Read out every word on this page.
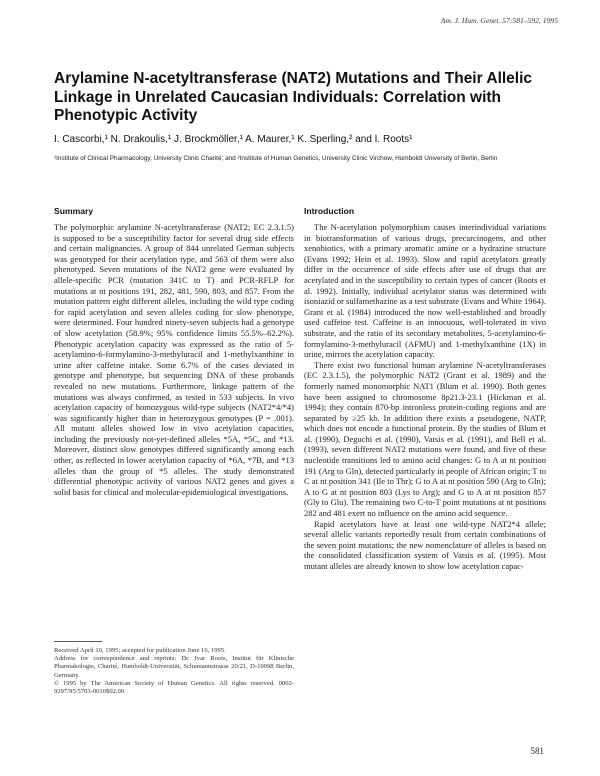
Am. J. Hum. Genet. 57:581–592, 1995
Arylamine N-acetyltransferase (NAT2) Mutations and Their Allelic Linkage in Unrelated Caucasian Individuals: Correlation with Phenotypic Activity
I. Cascorbi,¹ N. Drakoulis,¹ J. Brockmöller,¹ A. Maurer,¹ K. Sperling,² and I. Roots¹
¹Institute of Clinical Pharmacology, University Clinic Charité; and ²Institute of Human Genetics, University Clinic Virchow, Humboldt University of Berlin, Berlin
Summary

The polymorphic arylamine N-acetyltransferase (NAT2; EC 2.3.1.5) is supposed to be a susceptibility factor for several drug side effects and certain malignancies. A group of 844 unrelated German subjects was genotyped for their acetylation type, and 563 of them were also phenotyped. Seven mutations of the NAT2 gene were evaluated by allele-specific PCR (mutation 341C to T) and PCR-RFLP for mutations at nt positions 191, 282, 481, 590, 803, and 857. From the mutation pattern eight different alleles, including the wild type coding for rapid acetylation and seven alleles coding for slow phenotype, were determined. Four hundred ninety-seven subjects had a genotype of slow acetylation (58.9%; 95% confidence limits 55.5%–62.2%). Phenotypic acetylation capacity was expressed as the ratio of 5-acetylamino-6-formylamino-3-methyluracil and 1-methylxanthine in urine after caffeine intake. Some 6.7% of the cases deviated in genotype and phenotype, but sequencing DNA of these probands revealed no new mutations. Furthermore, linkage pattern of the mutations was always confirmed, as tested in 533 subjects. In vivo acetylation capacity of homozygous wild-type subjects (NAT2*4/*4) was significantly higher than in heterozygous genotypes (P = .001). All mutant alleles showed low in vivo acetylation capacities, including the previously not-yet-defined alleles *5A, *5C, and *13. Moreover, distinct slow genotypes differed significantly among each other, as reflected in lower acetylation capacity of *6A, *7B, and *13 alleles than the group of *5 alleles. The study demonstrated differential phenotypic activity of various NAT2 genes and gives a solid basis for clinical and molecular-epidemiological investigations.

Introduction

The N-acetylation polymorphism causes interindividual variations in biotransformation of various drugs, precarcinogens, and other xenobiotics, with a primary aromatic amine or a hydrazine structure (Evans 1992; Hein et al. 1993). Slow and rapid acetylators greatly differ in the occurrence of side effects after use of drugs that are acetylated and in the susceptibility to certain types of cancer (Roots et al. 1992). Initially, individual acetylator status was determined with isoniazid or sulfamethazine as a test substrate (Evans and White 1964). Grant et al. (1984) introduced the now well-established and broadly used caffeine test. Caffeine is an innocuous, well-tolerated in vivo substrate, and the ratio of its secondary metabolites, 5-acetylamino-6-formylamino-3-methyluracil (AFMU) and 1-methylxanthine (1X) in urine, mirrors the acetylation capacity.

There exist two functional human arylamine N-acetyltransferases (EC 2.3.1.5), the polymorphic NAT2 (Grant et al. 1989) and the formerly named monomorphic NAT1 (Blum et al. 1990). Both genes have been assigned to chromosome 8p21.3-23.1 (Hickman et al. 1994); they contain 870-bp intronless protein-coding regions and are separated by ≥25 kb. In addition there exists a pseudogene, NATP, which does not encode a functional protein. By the studies of Blum et al. (1990), Deguchi et al. (1990), Vatsis et al. (1991), and Bell et al. (1993), seven different NAT2 mutations were found, and five of these nucleotide transitions led to amino acid changes: G to A at nt position 191 (Arg to Gln), detected particularly in people of African origin; T to C at nt position 341 (Ile to Thr); G to A at nt position 590 (Arg to Gln); A to G at nt position 803 (Lys to Arg); and G to A at nt position 857 (Gly to Glu). The remaining two C-to-T point mutations at nt positions 282 and 481 exert no influence on the amino acid sequence.

Rapid acetylators have at least one wild-type NAT2*4 allele; several allelic variants reportedly result from certain combinations of the seven point mutations; the new nomenclature of alleles is based on the consolidated classification system of Vatsis et al. (1995). Most mutant alleles are already known to show low acetylation capac-

Received April 10, 1995; accepted for publication June 16, 1995.
Address for correspondence and reprints: Dr. Ivar Roots, Institut für Klinische Pharmakologie, Charité, Humboldt-Universität, Schumannstrasse 20/21, D-10098 Berlin, Germany.
© 1995 by The American Society of Human Genetics. All rights reserved. 0002-9297/95/5703-0010$02.00
581
